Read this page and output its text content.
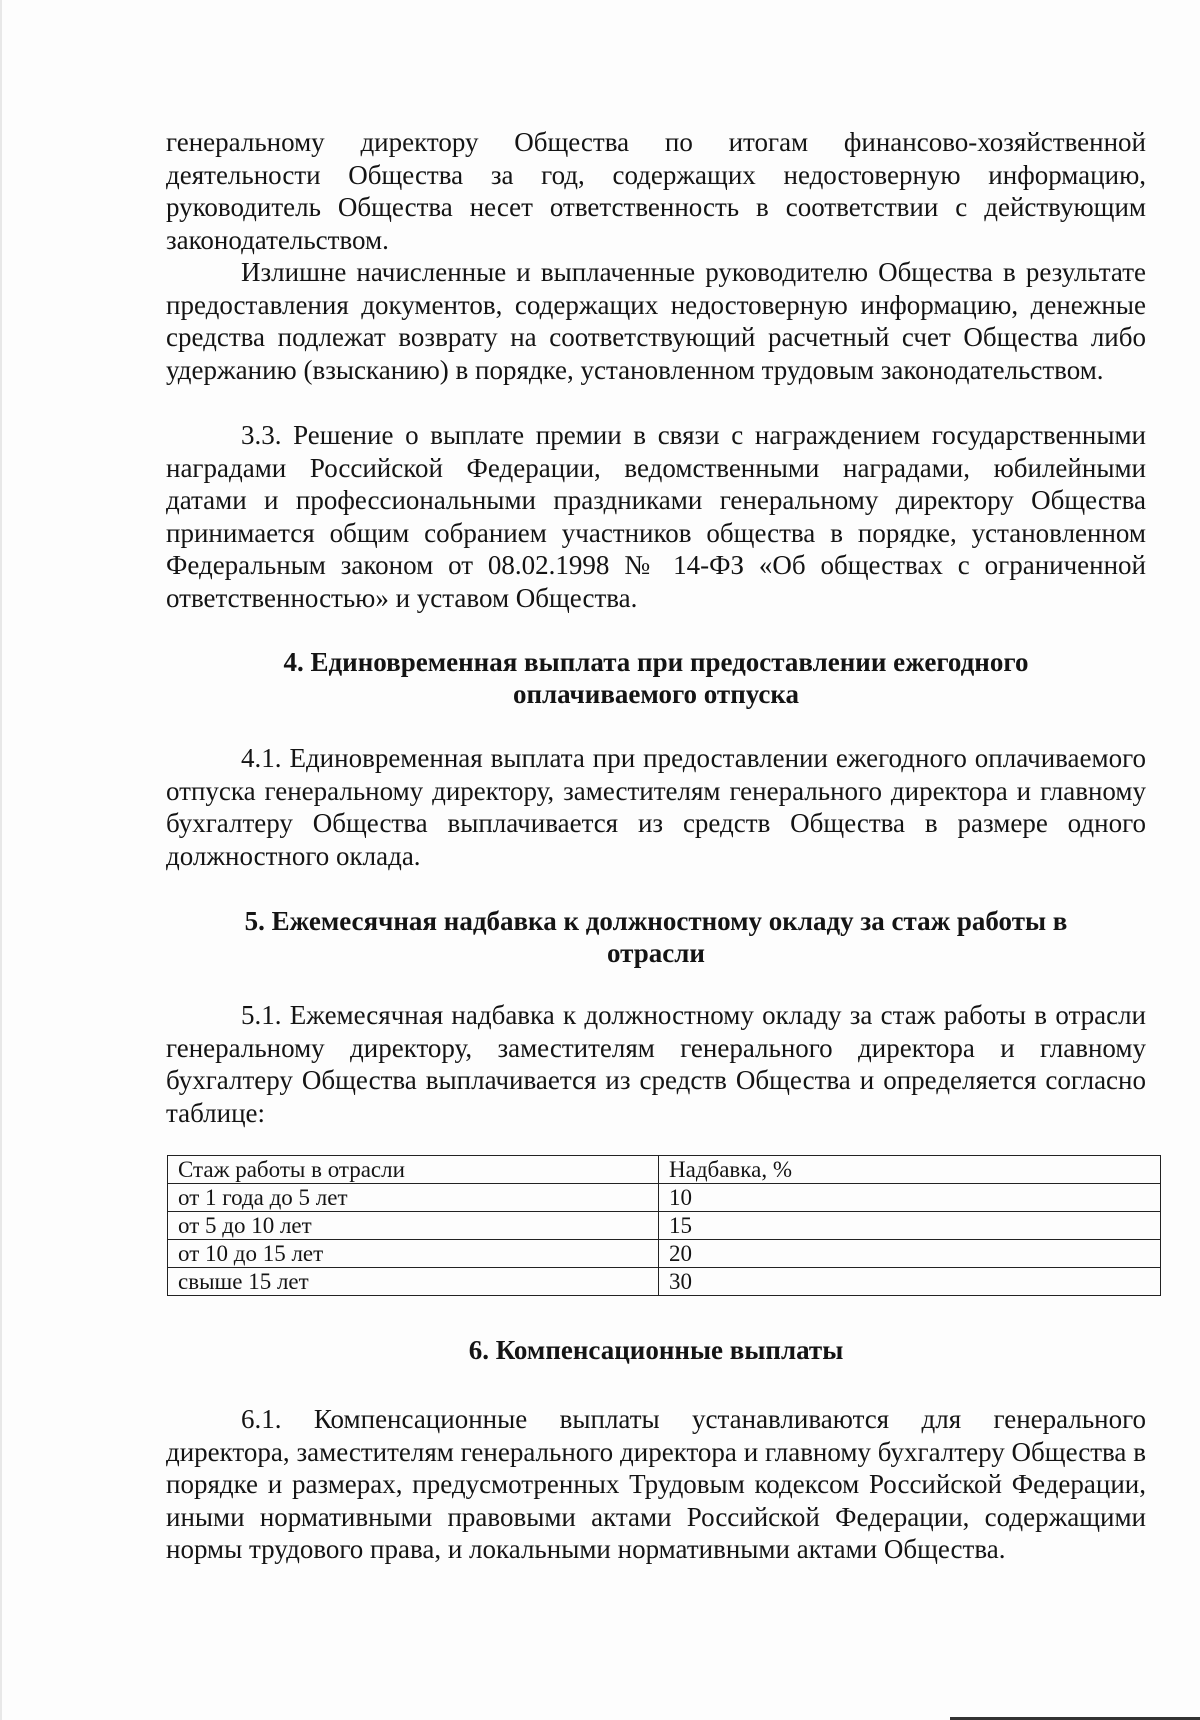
генеральному директору Общества по итогам финансово-хозяйственной деятельности Общества за год, содержащих недостоверную информацию, руководитель Общества несет ответственность в соответствии с действующим законодательством.

Излишне начисленные и выплаченные руководителю Общества в результате предоставления документов, содержащих недостоверную информацию, денежные средства подлежат возврату на соответствующий расчетный счет Общества либо удержанию (взысканию) в порядке, установленном трудовым законодательством.

3.3. Решение о выплате премии в связи с награждением государственными наградами Российской Федерации, ведомственными наградами, юбилейными датами и профессиональными праздниками генеральному директору Общества принимается общим собранием участников общества в порядке, установленном Федеральным законом от 08.02.1998 № 14-ФЗ «Об обществах с ограниченной ответственностью» и уставом Общества.

4. Единовременная выплата при предоставлении ежегодного
оплачиваемого отпуска

4.1. Единовременная выплата при предоставлении ежегодного оплачиваемого отпуска генеральному директору, заместителям генерального директора и главному бухгалтеру Общества выплачивается из средств Общества в размере одного должностного оклада.

5. Ежемесячная надбавка к должностному окладу за стаж работы в
отрасли

5.1. Ежемесячная надбавка к должностному окладу за стаж работы в отрасли генеральному директору, заместителям генерального директора и главному бухгалтеру Общества выплачивается из средств Общества и определяется согласно таблице:

Стаж работы в отрасли	Надбавка, %
от 1 года до 5 лет	10
от 5 до 10 лет	15
от 10 до 15 лет	20
свыше 15 лет	30
6. Компенсационные выплаты

6.1. Компенсационные выплаты устанавливаются для генерального директора, заместителям генерального директора и главному бухгалтеру Общества в порядке и размерах, предусмотренных Трудовым кодексом Российской Федерации, иными нормативными правовыми актами Российской Федерации, содержащими нормы трудового права, и локальными нормативными актами Общества.
